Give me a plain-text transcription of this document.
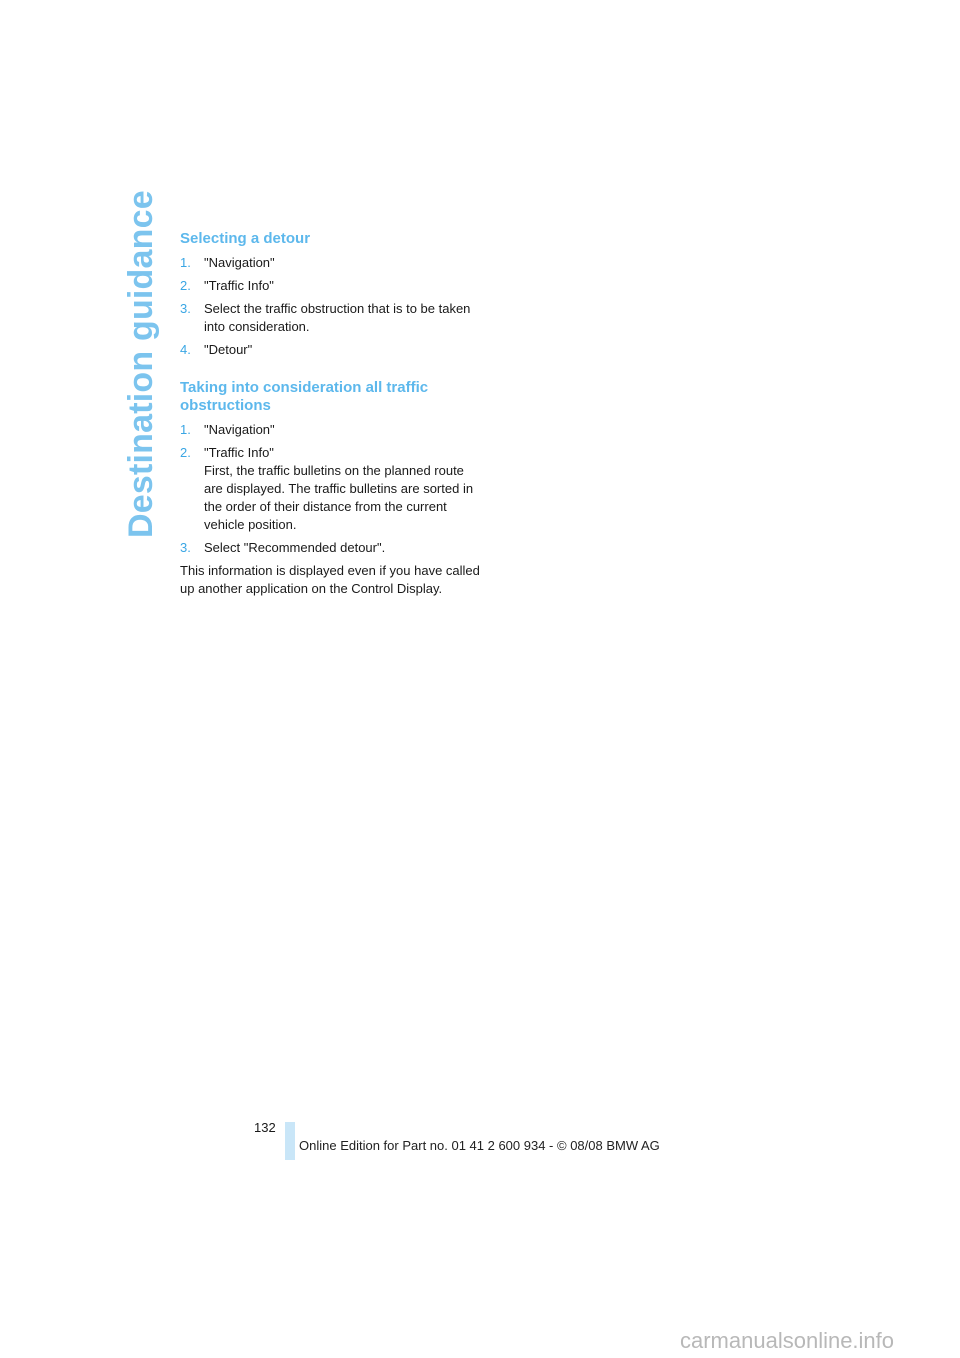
Destination guidance Selecting a detour
1. "Navigation"
2. "Traffic Info"
3. Select the traffic obstruction that is to be taken into consideration.
4. "Detour"
Taking into consideration all traffic obstructions
1. "Navigation"
2. "Traffic Info"
First, the traffic bulletins on the planned route are displayed. The traffic bulletins are sorted in the order of their distance from the current vehicle position.
3. Select "Recommended detour".

This information is displayed even if you have called up another application on the Control Display.

132
Online Edition for Part no. 01 41 2 600 934 - © 08/08 BMW AG
carmanualsonline.info
